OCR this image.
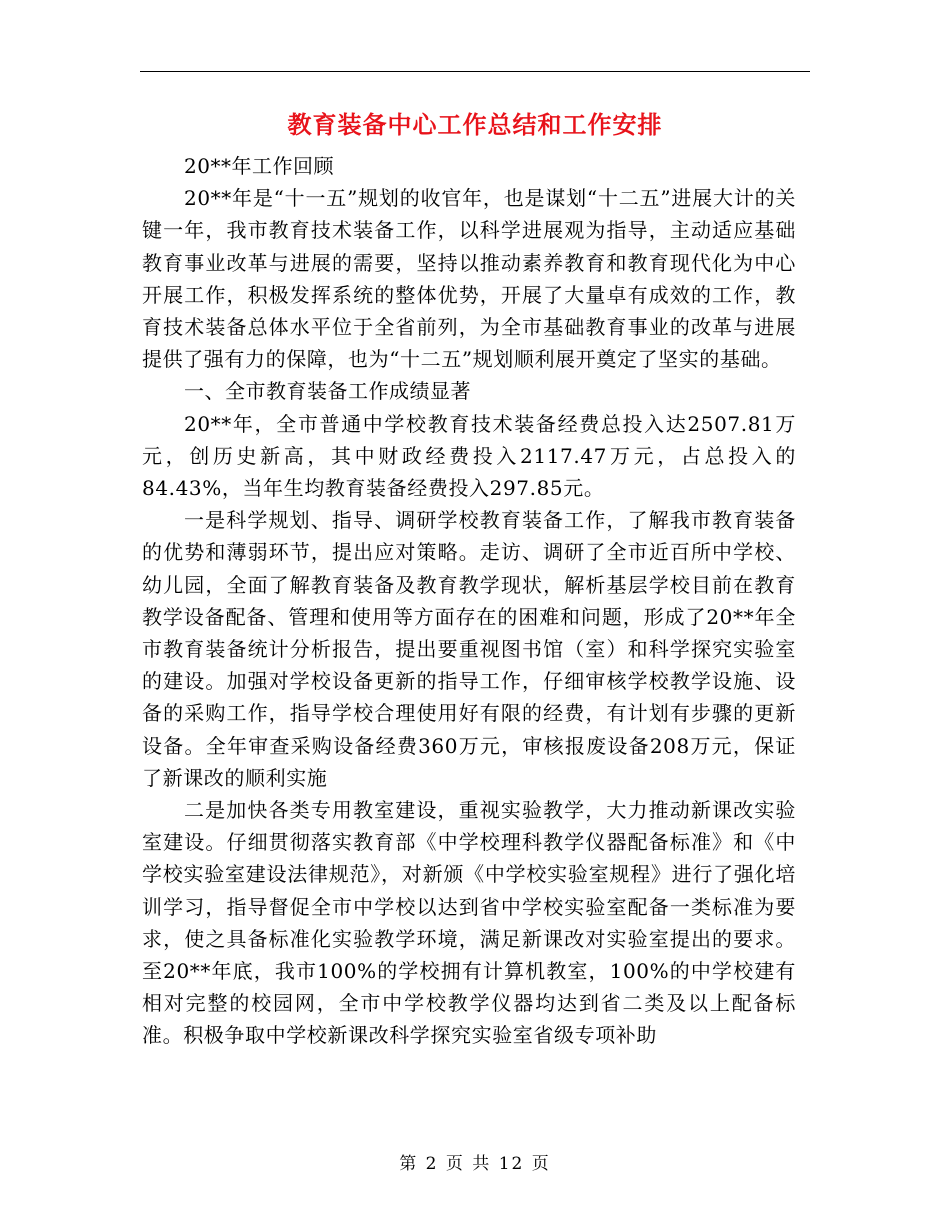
教育装备中心工作总结和工作安排

20**年工作回顾

20**年是“十一五”规划的收官年，也是谋划“十二五”进展大计的关键一年，我市教育技术装备工作，以科学进展观为指导，主动适应基础教育事业改革与进展的需要，坚持以推动素养教育和教育现代化为中心开展工作，积极发挥系统的整体优势，开展了大量卓有成效的工作，教育技术装备总体水平位于全省前列，为全市基础教育事业的改革与进展提供了强有力的保障，也为“十二五”规划顺利展开奠定了坚实的基础。

一、全市教育装备工作成绩显著

20**年，全市普通中学校教育技术装备经费总投入达2507.81万元，创历史新高，其中财政经费投入2117.47万元，占总投入的84.43%，当年生均教育装备经费投入297.85元。

一是科学规划、指导、调研学校教育装备工作，了解我市教育装备的优势和薄弱环节，提出应对策略。走访、调研了全市近百所中学校、幼儿园，全面了解教育装备及教育教学现状，解析基层学校目前在教育教学设备配备、管理和使用等方面存在的困难和问题，形成了20**年全市教育装备统计分析报告，提出要重视图书馆（室）和科学探究实验室的建设。加强对学校设备更新的指导工作，仔细审核学校教学设施、设备的采购工作，指导学校合理使用好有限的经费，有计划有步骤的更新设备。全年审查采购设备经费360万元，审核报废设备208万元，保证了新课改的顺利实施

二是加快各类专用教室建设，重视实验教学，大力推动新课改实验室建设。仔细贯彻落实教育部《中学校理科教学仪器配备标准》和《中学校实验室建设法律规范》，对新颁《中学校实验室规程》进行了强化培训学习，指导督促全市中学校以达到省中学校实验室配备一类标准为要求，使之具备标准化实验教学环境，满足新课改对实验室提出的要求。至20**年底，我市100%的学校拥有计算机教室，100%的中学校建有相对完整的校园网，全市中学校教学仪器均达到省二类及以上配备标准。积极争取中学校新课改科学探究实验室省级专项补助

第 2 页 共 12 页
